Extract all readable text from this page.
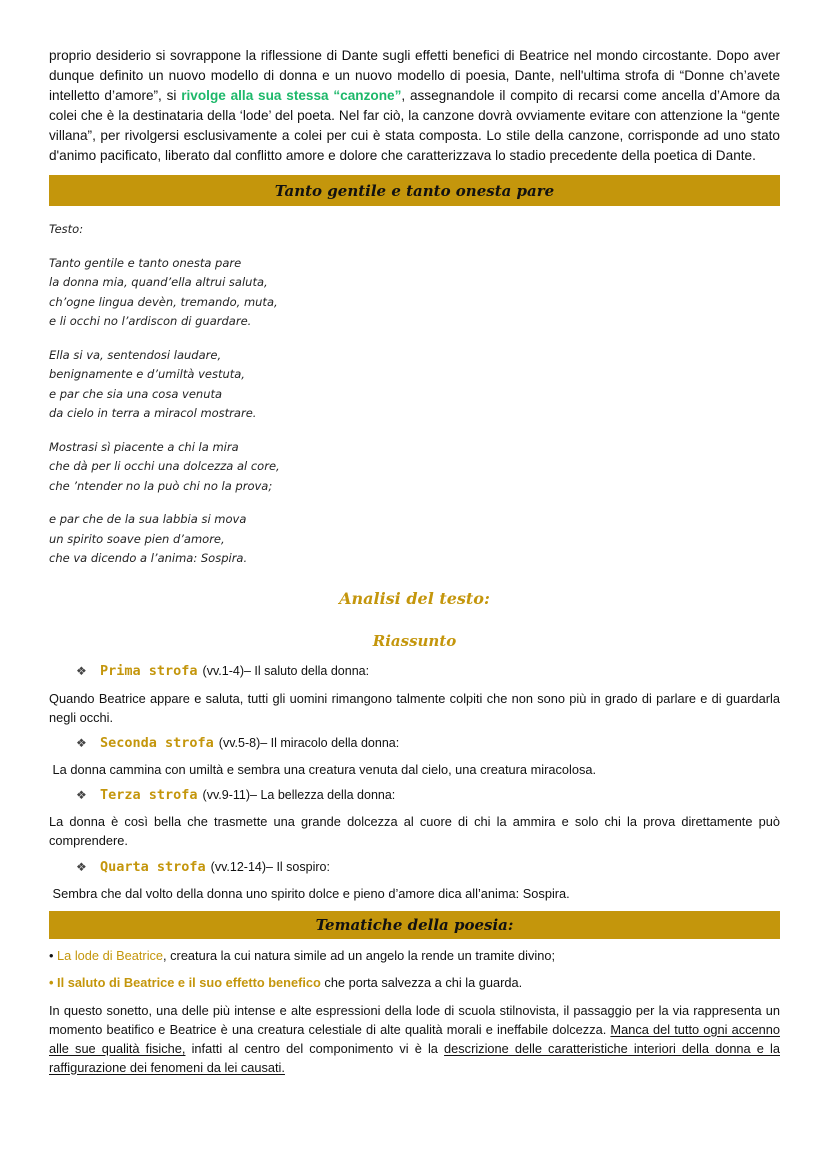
proprio desiderio si sovrappone la riflessione di Dante sugli effetti benefici di Beatrice nel mondo circostante. Dopo aver dunque definito un nuovo modello di donna e un nuovo modello di poesia, Dante, nell'ultima strofa di “Donne ch’avete intelletto d’amore”, si rivolge alla sua stessa “canzone”, assegnandole il compito di recarsi come ancella d’Amore da colei che è la destinataria della ‘lode’ del poeta. Nel far ciò, la canzone dovrà ovviamente evitare con attenzione la “gente villana”, per rivolgersi esclusivamente a colei per cui è stata composta. Lo stile della canzone, corrisponde ad uno stato d'animo pacificato, liberato dal conflitto amore e dolore che caratterizzava lo stadio precedente della poetica di Dante.

Tanto gentile e tanto onesta pare

Testo:

Tanto gentile e tanto onesta pare

la donna mia, quand’ella altrui saluta,

ch’ogne lingua devèn, tremando, muta,

e li occhi no l’ardiscon di guardare.

Ella si va, sentendosi laudare,

benignamente e d’umiltà vestuta,

e par che sia una cosa venuta

da cielo in terra a miracol mostrare.

Mostrasi sì piacente a chi la mira

che dà per li occhi una dolcezza al core,

che ’ntender no la può chi no la prova;

e par che de la sua labbia si mova

un spirito soave pien d’amore,

che va dicendo a l’anima: Sospira.

Analisi del testo:

Riassunto

❖ Prima strofa (vv.1-4) – Il saluto della donna:

Quando Beatrice appare e saluta, tutti gli uomini rimangono talmente colpiti che non sono più in grado di parlare e di guardarla negli occhi.

❖ Seconda strofa (vv.5-8) – Il miracolo della donna:

La donna cammina con umiltà e sembra una creatura venuta dal cielo, una creatura miracolosa.

❖ Terza strofa (vv.9-11) – La bellezza della donna:

La donna è così bella che trasmette una grande dolcezza al cuore di chi la ammira e solo chi la prova direttamente può comprendere.

❖ Quarta strofa (vv.12-14) – Il sospiro:

Sembra che dal volto della donna uno spirito dolce e pieno d’amore dica all’anima: Sospira.

Tematiche della poesia:

• La lode di Beatrice, creatura la cui natura simile ad un angelo la rende un tramite divino;

• Il saluto di Beatrice e il suo effetto benefico che porta salvezza a chi la guarda.

In questo sonetto, una delle più intense e alte espressioni della lode di scuola stilnovista, il passaggio per la via rappresenta un momento beatifico e Beatrice è una creatura celestiale di alte qualità morali e ineffabile dolcezza. Manca del tutto ogni accenno alle sue qualità fisiche, infatti al centro del componimento vi è la descrizione delle caratteristiche interiori della donna e la raffigurazione dei fenomeni da lei causati.
